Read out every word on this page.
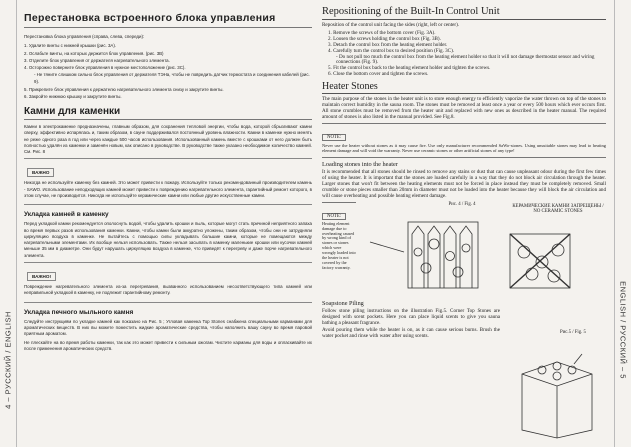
4 – РУССКИЙ / ENGLISH	ENGLISH / РУССКИЙ – 5
Перестановка встроенного блока управления

Перестановка блока управления (справа, слева, спереди):

1. Удалите винты с нижней крышки (рис. 3A).
2. Ослабьте винты, на которых держится блок управления. (рис. 3B)
3. Отделите блок управления от держателя нагревательного элемента.
4. Осторожно поверните блок управления в нужное местоположение (рис. 3C).
- Не тяните слишком сильно блок управления от держателя ТЭНа, чтобы не повредить датчик термостата и соединения кабелей (рис. 9).
5. Прикрепите блок управления к держателю нагревательного элемента снизу и закрутите винты.
6. Закройте нижнюю крышку и закрутите винты.
Камни для каменки

Камни в электрокаменке предназначены, главным образом, для сохранения тепловой энергии, чтобы вода, которой сбрызгивают камни сверху, эффективно испарялась и, таким образом, в сауне поддерживался постоянный уровень влажности. Камни в каменке нужно менять не реже одного раза в год или через каждые 500 часов использования. Использованный камень вместе с крошками от него должен быть полностью удалён из каменки и заменён новым, как описано в руководстве. В руководстве также указано необходимое количество камней. См. Рис. 8

ВАЖНО

Никогда не используйте каменку без камней. Это может привести к пожару. Используйте только рекомендованный производителем камень - SAWO. Использование неподходящих камней может привести к повреждению нагревательного элемента, гарантийный ремонт которого, в этом случае, не производится. Никогда не используйте керамические камни или любые другие искусственные камни.

Укладка камней в каменку

Перед укладкой камни рекомендуется ополоснуть водой, чтобы удалить крошки и пыль, которые могут стать причиной неприятного запаха во время первых разов использования каменки. Камни, чтобы камни были аккуратно уложены, таким образом, чтобы они не затрудняли циркуляцию воздуха в каменке. Не пытайтесь с помощью силы укладывать большие камни, которые не помещаются между нагревательными элементами. Их вообще нельзя использовать. Также нельзя засыпать в каменку маленькие крошки или кусочки камней меньше 35 мм в диаметре. Они будут нарушать циркуляцию воздуха в каменке, что приведёт к перегреву и даже порче нагревательного элемента.

ВАЖНО!

Повреждение нагревательного элемента из-за перегревания, вызванного использованием несоответствующего типа камней или неправильной укладкой в каменку, не подлежит гарантийному ремонту.

Укладка печного мыльного камня

Следуйте инструкциям по укладке камней как показано на Рис. 5 ; Угловая каменка Top Stones снабжена специальными карманами для ароматических веществ. В них вы можете поместить жидкие ароматические средства, чтобы наполнить вашу сауну во время паровой приятным ароматом.

Не плескайте на во время работы каменки, так как это может привести к сильным ожогам. Чистите карманы для воды и опласкивайте их после применения ароматических средств.

Repositioning of the Built-In Control Unit

Reposition of the control unit facing the sides (right, left or center).

1. Remove the screws of the bottom cover (Fig. 3A).
2. Loosen the screws holding the control box (Fig. 3B).
3. Detach the control box from the heating element holder.
4. Carefully turn the control box to desired position (Fig. 3C).
- Do not pull too much the control box from the heating element holder so that it will not damage thermostat sensor and wiring connections (Fig. 9).
5. Fit the control box back to the heating element holder and tighten the screws.
6. Close the bottom cover and tighten the screws.
Heater Stones

The main purpose of the stones in the heater unit is to store enough energy to efficiently vaporize the water thrown on top of the stones to maintain correct humidity in the sauna room. The stones must be removed at least once a year or every 500 hours which ever occurs first. All stone crumbles must be removed from the heater unit and replaced with new ones as described in the heater manual. The required amount of stones is also listed in the manual provided. See Fig.8.

NOTE:

Never use the heater without stones as it may cause fire. Use only manufacturer recommended SaWo-stones. Using unsuitable stones may lead to heating element damage and will void the warranty. Never use ceramic stones or other artificial stones of any type!

Loading stones into the heater

It is recommended that all stones should be rinsed to remove any stains or dust that can cause unpleasant odour during the first few times of using the heater. It is important that the stones are loaded carefully in a way that they do not block air circulation through the heater. Larger stones that won't fit between the heating elements must not be forced in place instead they must be completely removed. Small crumble or stone pieces smaller than 20mm in diameter must not be loaded into the heater because they will block the air circulation and will cause overheating and possible heating element damage.

NOTE:

Heating element damage due to overheating caused by wrong kind of stones or stones which were wrongly loaded into the heater is not covered by the factory warranty.

Рис. 4 / Fig. 4	КЕРАМИЧЕСКИЕ КАМНИ ЗАПРЕЩЕНЫ / NO CERAMIC STONES
Soapstone Piling

Follow stone piling instructions on the illustration Fig.5. Corner Top Stones are designed with scent pockets. Here you can place liquid scents to give you sauna bathing a pleasant fragrance.

Avoid pouring them while the heater is on, as it can cause serious burns. Brush the water pocket and rinse with water after using scents.

Рис.5 / Fig. 5
